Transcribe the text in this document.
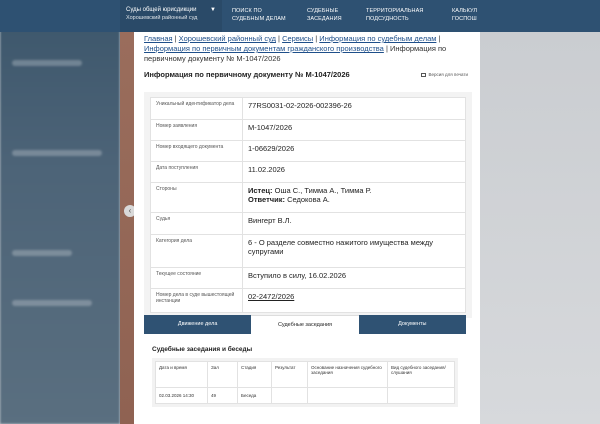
Суды общей юрисдикции
Хорошевский районный суд
▼	ПОИСК ПО
СУДЕБНЫМ ДЕЛАМ
СУДЕБНЫЕ
ЗАСЕДАНИЯ
ТЕРРИТОРИАЛЬНАЯ
ПОДСУДНОСТЬ
КАЛЬКУЛ
ГОСПОШ
‹
Главная | Хорошевский районный суд | Сервисы | Информация по судебным делам | Информация по первичным документам гражданского производства | Информация по первичному документу № М-1047/2026
Информация по первичному документу № М-1047/2026	Версия для печати
Уникальный идентификатор дела	77RS0031-02-2026-002396-26
Номер заявления	М-1047/2026
Номер входящего документа	1-06629/2026
Дата поступления	11.02.2026
Стороны	Истец: Оша С., Тимма А., Тимма Р.
Ответчик: Седокова А.

Судья	Вингерт В.Л.
Категория дела	6 - О разделе совместно нажитого имущества между супругами
Текущее состояние	Вступило в силу, 16.02.2026
Номер дела в суде вышестоящей инстанции	02-2472/2026
Движение дела	Судебные заседания	Документы
Судебные заседания и беседы
Дата и время	Зал	Стадия	Результат	Основание назначения судебного заседания	Вид судебного заседания/слушания
02.03.2026 14:30	49	Беседа			
